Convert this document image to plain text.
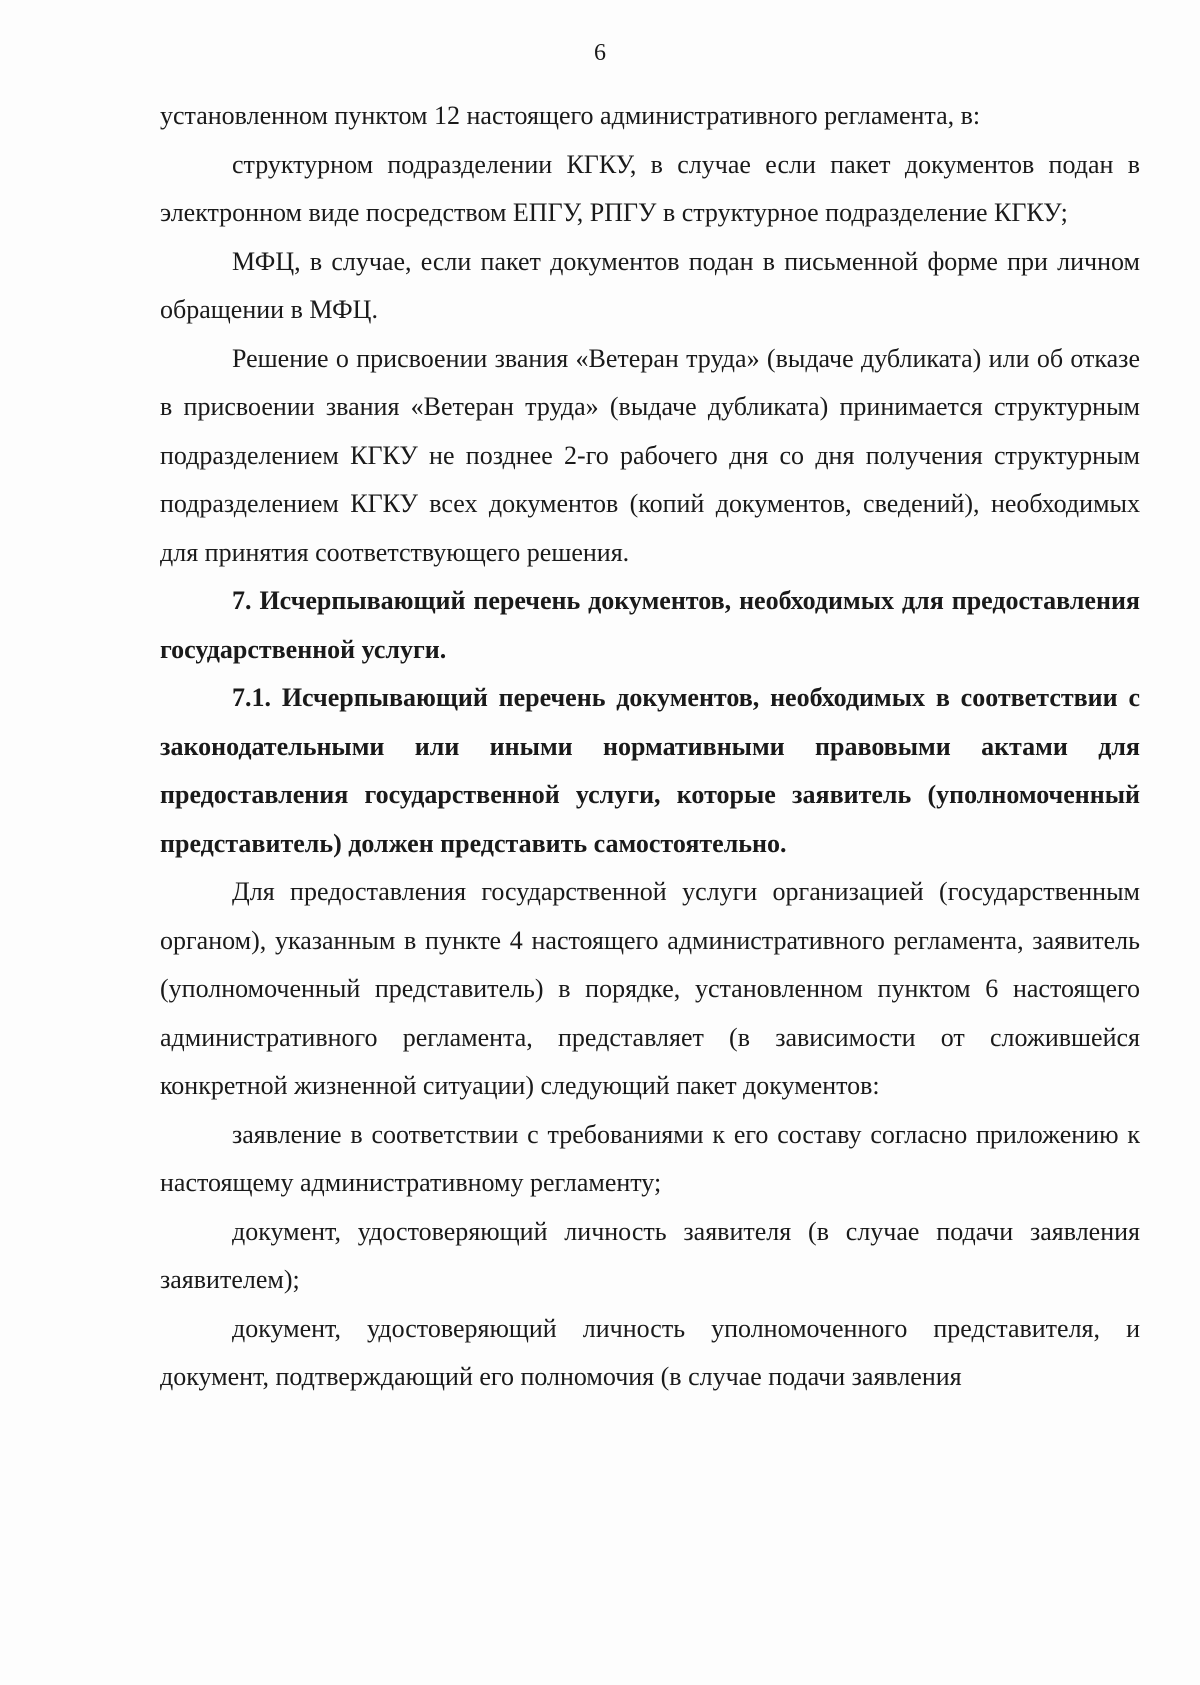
6

установленном пунктом 12 настоящего административного регламента, в:

структурном подразделении КГКУ, в случае если пакет документов подан в электронном виде посредством ЕПГУ, РПГУ в структурное подразделение КГКУ;

МФЦ, в случае, если пакет документов подан в письменной форме при личном обращении в МФЦ.

Решение о присвоении звания «Ветеран труда» (выдаче дубликата) или об отказе в присвоении звания «Ветеран труда» (выдаче дубликата) принимается структурным подразделением КГКУ не позднее 2-го рабочего дня со дня получения структурным подразделением КГКУ всех документов (копий документов, сведений), необходимых для принятия соответствующего решения.

7. Исчерпывающий перечень документов, необходимых для предоставления государственной услуги.

7.1. Исчерпывающий перечень документов, необходимых в соответствии с законодательными или иными нормативными правовыми актами для предоставления государственной услуги, которые заявитель (уполномоченный представитель) должен представить самостоятельно.

Для предоставления государственной услуги организацией (государственным органом), указанным в пункте 4 настоящего административного регламента, заявитель (уполномоченный представитель) в порядке, установленном пунктом 6 настоящего административного регламента, представляет (в зависимости от сложившейся конкретной жизненной ситуации) следующий пакет документов:

заявление в соответствии с требованиями к его составу согласно приложению к настоящему административному регламенту;

документ, удостоверяющий личность заявителя (в случае подачи заявления заявителем);

документ, удостоверяющий личность уполномоченного представителя, и документ, подтверждающий его полномочия (в случае подачи заявления
